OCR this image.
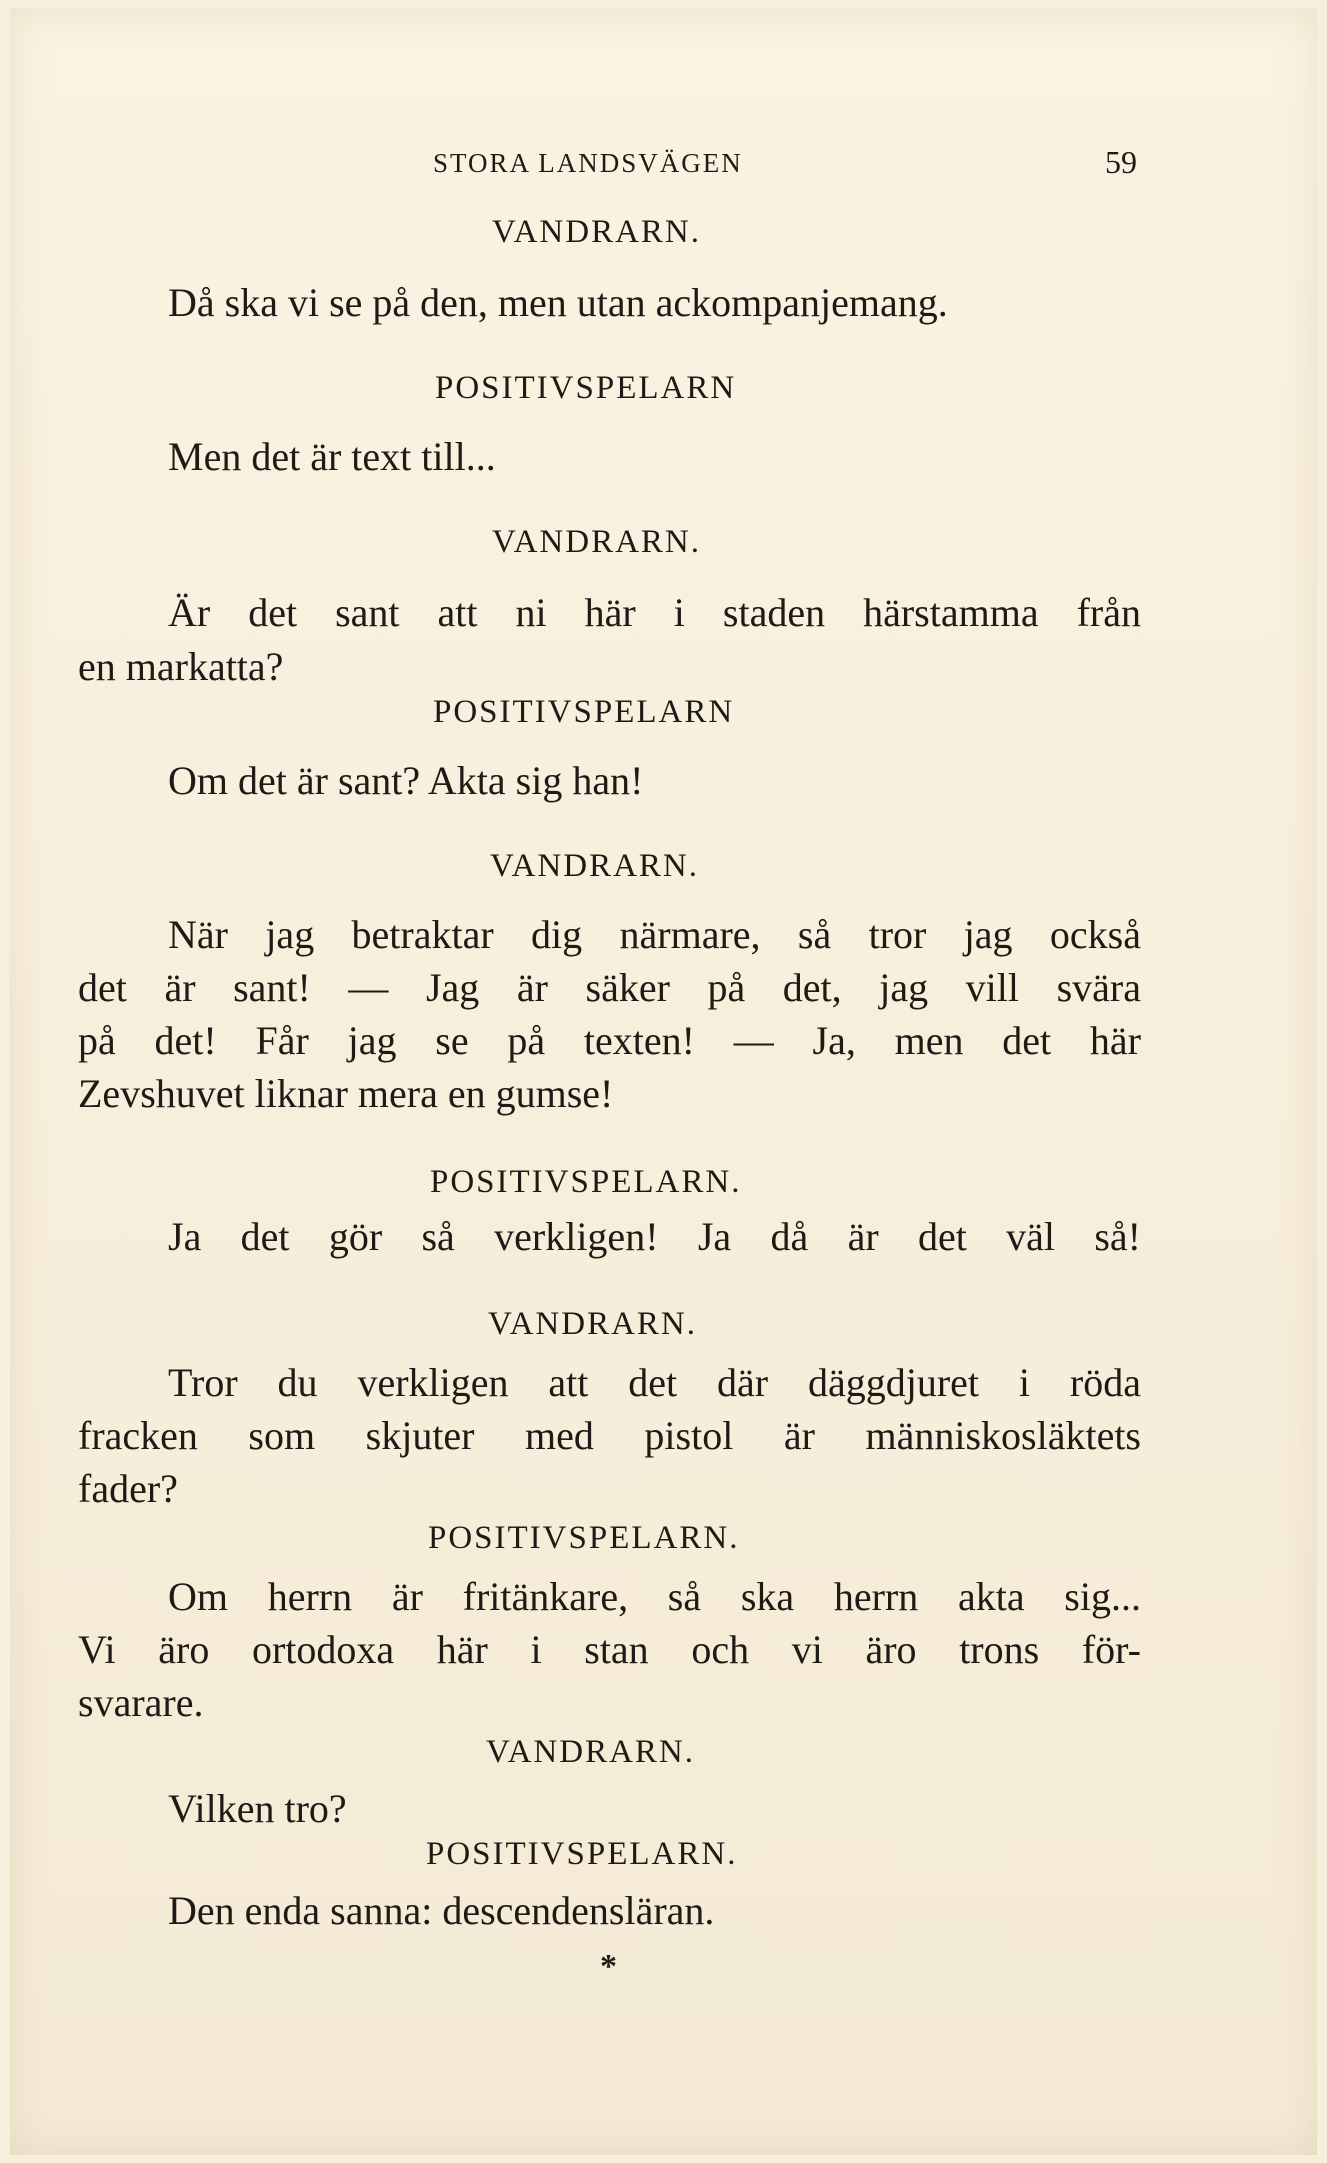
STORA LANDSVÄGEN	59
VANDRARN.
Då ska vi se på den, men utan ackompanjemang.
POSITIVSPELARN
Men det är text till...
VANDRARN.
Är det sant att ni här i staden härstamma från
en markatta?
POSITIVSPELARN
Om det är sant? Akta sig han!
VANDRARN.
När jag betraktar dig närmare, så tror jag också
det är sant! — Jag är säker på det, jag vill svära
på det! Får jag se på texten! — Ja, men det här
Zevshuvet liknar mera en gumse!
POSITIVSPELARN.
Ja det gör så verkligen! Ja då är det väl så!
VANDRARN.
Tror du verkligen att det där däggdjuret i röda
fracken som skjuter med pistol är människosläktets
fader?
POSITIVSPELARN.
Om herrn är fritänkare, så ska herrn akta sig...
Vi äro ortodoxa här i stan och vi äro trons för-
svarare.
VANDRARN.
Vilken tro?
POSITIVSPELARN.
Den enda sanna: descendensläran.
*
